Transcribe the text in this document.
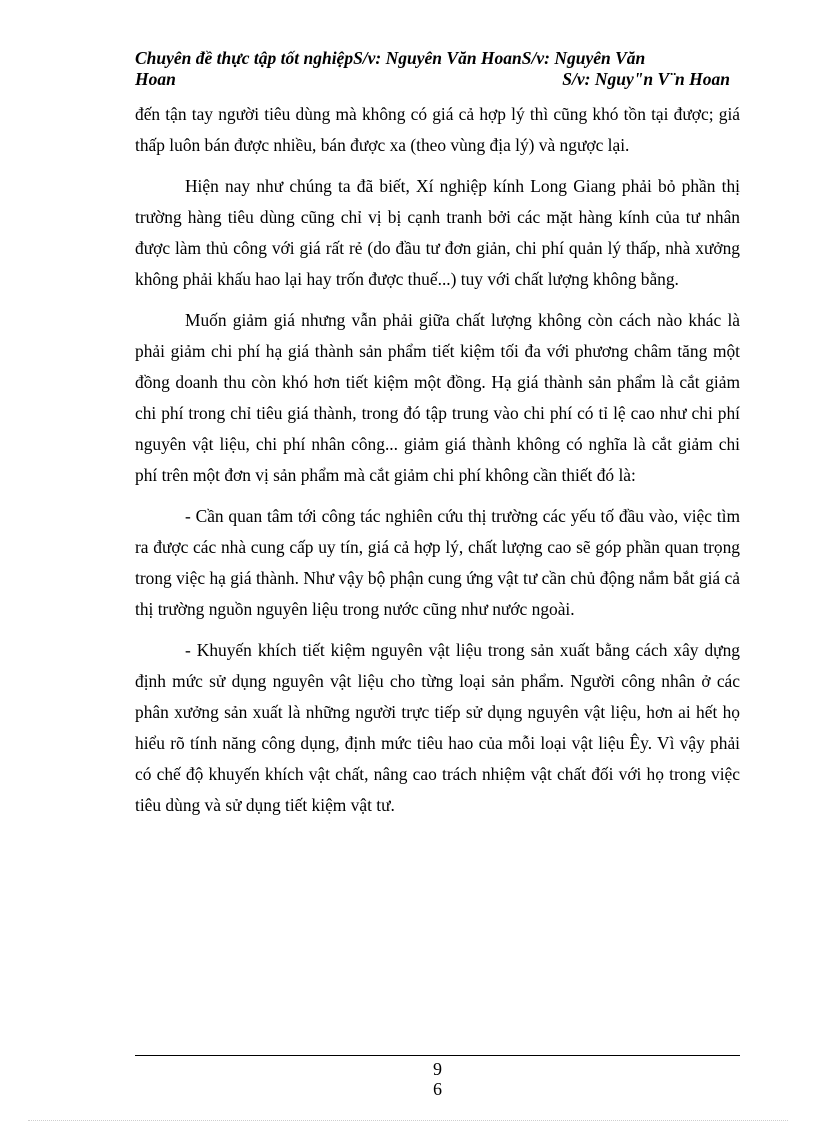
Chuyên đề thực tập tốt nghiệpS/v: Nguyên Văn HoanS/v: Nguyên Văn
Hoan	S/v: Nguy"n V¨n Hoan

đến tận tay người tiêu dùng mà không có giá cả hợp lý thì cũng khó tồn tại được; giá thấp luôn bán được nhiều, bán được xa (theo vùng địa lý) và ngược lại.

Hiện nay như chúng ta đã biết, Xí nghiệp kính Long Giang phải bỏ phần thị trường hàng tiêu dùng cũng chỉ vị bị cạnh tranh bởi các mặt hàng kính của tư nhân được làm thủ công với giá rất rẻ (do đầu tư đơn giản, chi phí quản lý thấp, nhà xưởng không phải khấu hao lại hay trốn được thuế...) tuy với chất lượng không bằng.

Muốn giảm giá nhưng vẫn phải giữa chất lượng không còn cách nào khác là phải giảm chi phí hạ giá thành sản phẩm tiết kiệm tối đa với phương châm tăng một đồng doanh thu còn khó hơn tiết kiệm một đồng. Hạ giá thành sản phẩm là cắt giảm chi phí trong chỉ tiêu giá thành, trong đó tập trung vào chi phí có tỉ lệ cao như chi phí nguyên vật liệu, chi phí nhân công... giảm giá thành không có nghĩa là cắt giảm chi phí trên một đơn vị sản phẩm mà cắt giảm chi phí không cần thiết đó là:

- Cần quan tâm tới công tác nghiên cứu thị trường các yếu tố đầu vào, việc tìm ra được các nhà cung cấp uy tín, giá cả hợp lý, chất lượng cao sẽ góp phần quan trọng trong việc hạ giá thành. Như vậy bộ phận cung ứng vật tư cần chủ động nắm bắt giá cả thị trường nguồn nguyên liệu trong nước cũng như nước ngoài.

- Khuyến khích tiết kiệm nguyên vật liệu trong sản xuất bằng cách xây dựng định mức sử dụng nguyên vật liệu cho từng loại sản phẩm. Người công nhân ở các phân xưởng sản xuất là những người trực tiếp sử dụng nguyên vật liệu, hơn ai hết họ hiểu rõ tính năng công dụng, định mức tiêu hao của mỗi loại vật liệu Êy. Vì vậy phải có chế độ khuyến khích vật chất, nâng cao trách nhiệm vật chất đối với họ trong việc tiêu dùng và sử dụng tiết kiệm vật tư.

9
6
